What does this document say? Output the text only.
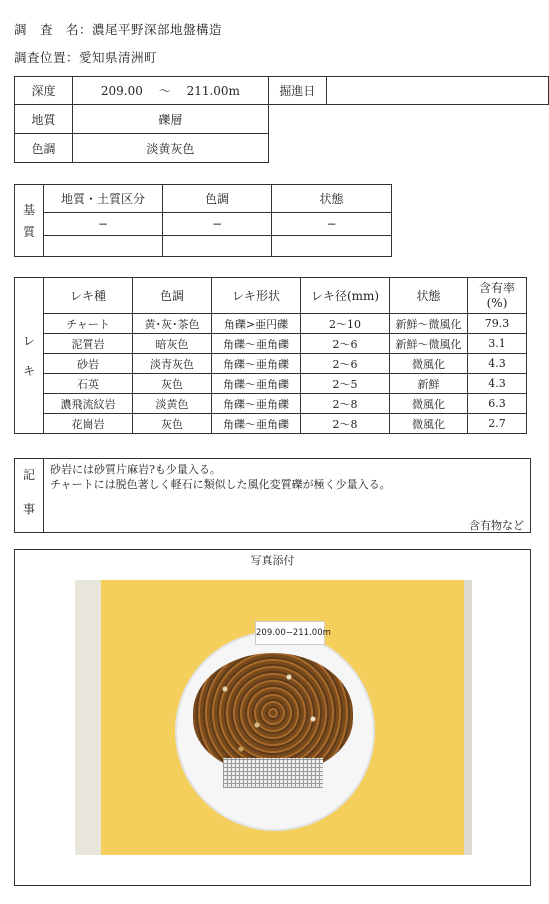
調　査　名：濃尾平野深部地盤構造
調査位置：愛知県清洲町
深度	209.00 〜 211.00m	掘進日	
地質	礫層		
色調	淡黄灰色		
基
質	地質・土質区分	色調	状態
	−	−	−

レ
キ	レキ種	色調	レキ形状	レキ径(mm)	状態	含有率
(%)
	チャート	黄･灰･茶色	角礫>亜円礫	2〜10	新鮮〜微風化	79.3
	泥質岩	暗灰色	角礫〜亜角礫	2〜6	新鮮〜微風化	3.1
	砂岩	淡青灰色	角礫〜亜角礫	2〜6	微風化	4.3
	石英	灰色	角礫〜亜角礫	2〜5	新鮮	4.3
	濃飛流紋岩	淡黄色	角礫〜亜角礫	2〜8	微風化	6.3
	花崗岩	灰色	角礫〜亜角礫	2〜8	微風化	2.7
記
事
砂岩には砂質片麻岩?も少量入る。
チャートには脱色著しく軽石に類似した風化変質礫が極く少量入る。
含有物など
写真添付
209.00−211.00m
